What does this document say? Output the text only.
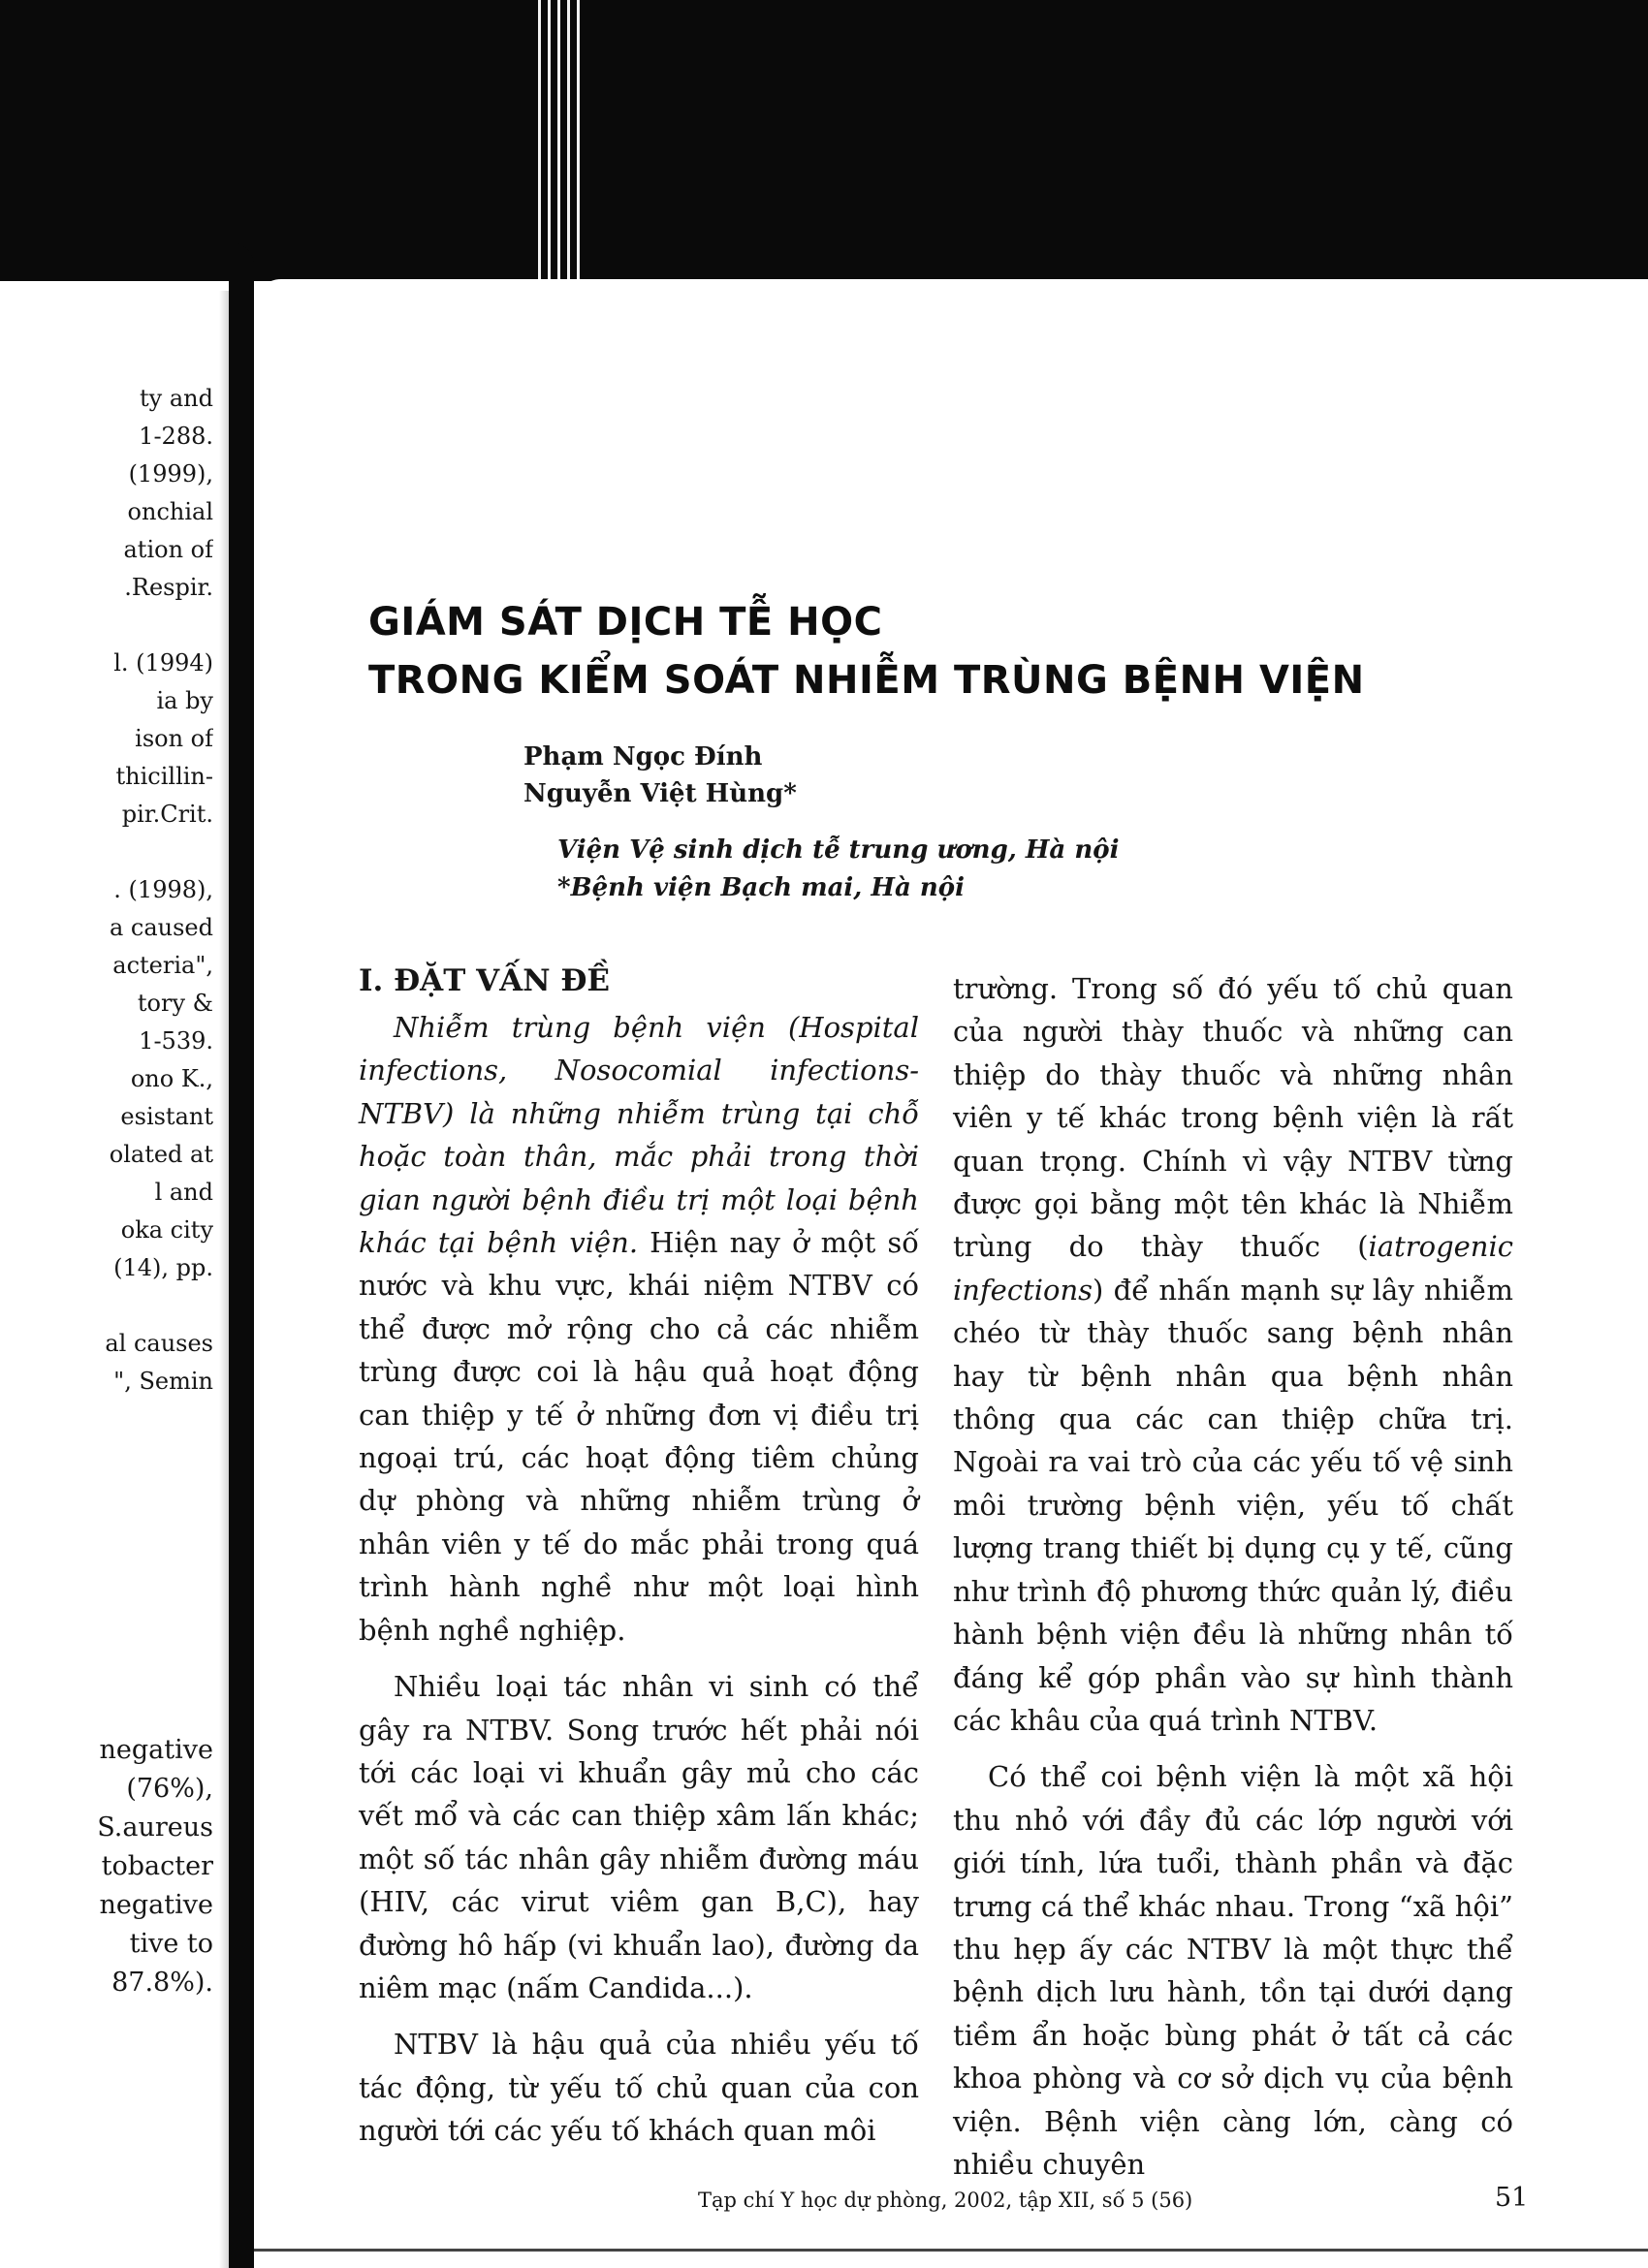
ty and
1-288.
(1999),
onchial
ation of
.Respir.

l. (1994)
ia by
ison of
thicillin-
pir.Crit.

. (1998),
a caused
acteria",
tory &
1-539.
ono K.,
esistant
olated at
l and
oka city
(14), pp.

al causes
", Semin
negative
(76%),
S.aureus
tobacter
negative
tive to
87.8%).
GIÁM SÁT DỊCH TỄ HỌC
TRONG KIỂM SOÁT NHIỄM TRÙNG BỆNH VIỆN
Phạm Ngọc Đính
Nguyễn Việt Hùng*
Viện Vệ sinh dịch tễ trung ương, Hà nội
*Bệnh viện Bạch mai, Hà nội
I. ĐẶT VẤN ĐỀ

Nhiễm trùng bệnh viện (Hospital infections, Nosocomial infections-NTBV) là những nhiễm trùng tại chỗ hoặc toàn thân, mắc phải trong thời gian người bệnh điều trị một loại bệnh khác tại bệnh viện. Hiện nay ở một số nước và khu vực, khái niệm NTBV có thể được mở rộng cho cả các nhiễm trùng được coi là hậu quả hoạt động can thiệp y tế ở những đơn vị điều trị ngoại trú, các hoạt động tiêm chủng dự phòng và những nhiễm trùng ở nhân viên y tế do mắc phải trong quá trình hành nghề như một loại hình bệnh nghề nghiệp.

Nhiều loại tác nhân vi sinh có thể gây ra NTBV. Song trước hết phải nói tới các loại vi khuẩn gây mủ cho các vết mổ và các can thiệp xâm lấn khác; một số tác nhân gây nhiễm đường máu (HIV, các virut viêm gan B,C), hay đường hô hấp (vi khuẩn lao), đường da niêm mạc (nấm Candida...).

NTBV là hậu quả của nhiều yếu tố tác động, từ yếu tố chủ quan của con người tới các yếu tố khách quan môi

trường. Trong số đó yếu tố chủ quan của người thày thuốc và những can thiệp do thày thuốc và những nhân viên y tế khác trong bệnh viện là rất quan trọng. Chính vì vậy NTBV từng được gọi bằng một tên khác là Nhiễm trùng do thày thuốc (iatrogenic infections) để nhấn mạnh sự lây nhiễm chéo từ thày thuốc sang bệnh nhân hay từ bệnh nhân qua bệnh nhân thông qua các can thiệp chữa trị. Ngoài ra vai trò của các yếu tố vệ sinh môi trường bệnh viện, yếu tố chất lượng trang thiết bị dụng cụ y tế, cũng như trình độ phương thức quản lý, điều hành bệnh viện đều là những nhân tố đáng kể góp phần vào sự hình thành các khâu của quá trình NTBV.

Có thể coi bệnh viện là một xã hội thu nhỏ với đầy đủ các lớp người với giới tính, lứa tuổi, thành phần và đặc trưng cá thể khác nhau. Trong “xã hội” thu hẹp ấy các NTBV là một thực thể bệnh dịch lưu hành, tồn tại dưới dạng tiềm ẩn hoặc bùng phát ở tất cả các khoa phòng và cơ sở dịch vụ của bệnh viện. Bệnh viện càng lớn, càng có nhiều chuyên

Tạp chí Y học dự phòng, 2002, tập XII, số 5 (56)	51
